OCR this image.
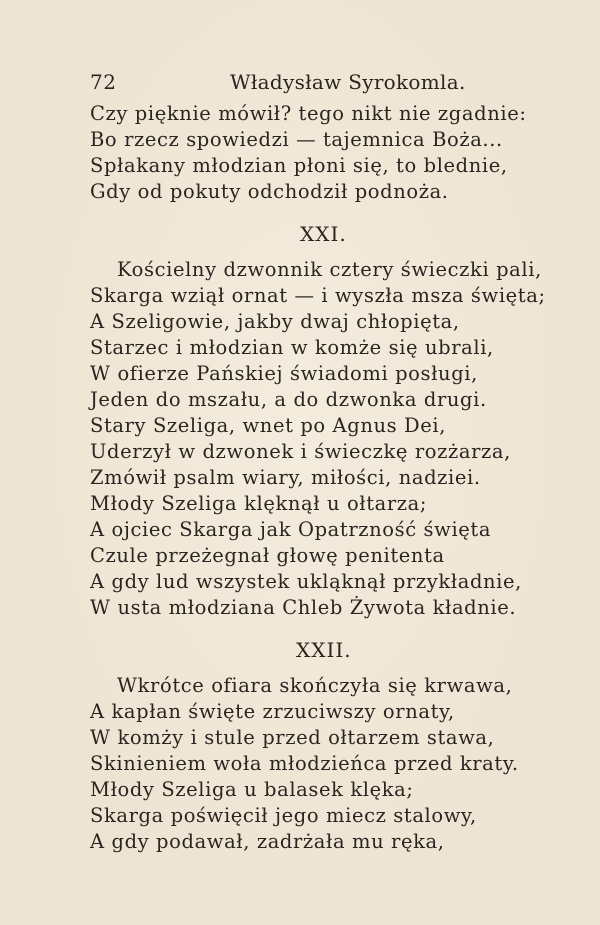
72	Władysław Syrokomla.
Czy pięknie mówił? tego nikt nie zgadnie:
Bo rzecz spowiedzi — tajemnica Boża...
Spłakany młodzian płoni się, to blednie,
Gdy od pokuty odchodził podnoża.
XXI.
Kościelny dzwonnik cztery świeczki pali,
Skarga wziął ornat — i wyszła msza święta;
A Szeligowie, jakby dwaj chłopięta,
Starzec i młodzian w komże się ubrali,
W ofierze Pańskiej świadomi posługi,
Jeden do mszału, a do dzwonka drugi.
Stary Szeliga, wnet po Agnus Dei,
Uderzył w dzwonek i świeczkę rozżarza,
Zmówił psalm wiary, miłości, nadziei.
Młody Szeliga klęknął u ołtarza;
A ojciec Skarga jak Opatrzność święta
Czule przeżegnał głowę penitenta
A gdy lud wszystek ukląknął przykładnie,
W usta młodziana Chleb Żywota kładnie.
XXII.
Wkrótce ofiara skończyła się krwawa,
A kapłan święte zrzuciwszy ornaty,
W komży i stule przed ołtarzem stawa,
Skinieniem woła młodzieńca przed kraty.
Młody Szeliga u balasek klęka;
Skarga poświęcił jego miecz stalowy,
A gdy podawał, zadrżała mu ręka,
